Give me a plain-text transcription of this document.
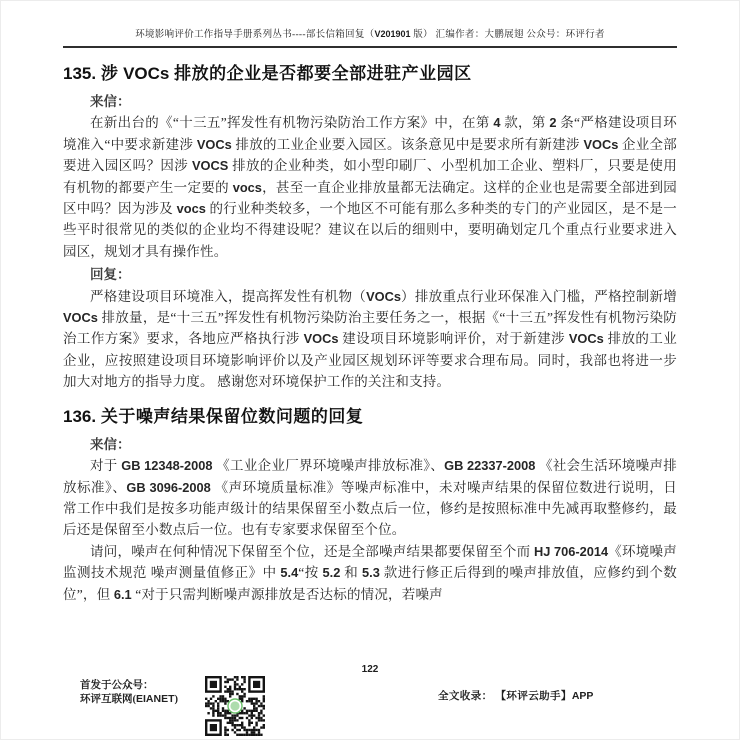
环境影响评价工作指导手册系列丛书----部长信箱回复（V201901 版） 汇编作者：大鹏展翅 公众号：环评行者
135. 涉 VOCs 排放的企业是否都要全部进驻产业园区
来信：
在新出台的《“十三五”挥发性有机物污染防治工作方案》中，在第 4 款，第 2 条“严格建设项目环境准入“中要求新建涉 VOCs 排放的工业企业要入园区。该条意见中是要求所有新建涉 VOCs 企业全部要进入园区吗？因涉 VOCS 排放的企业种类，如小型印刷厂、小型机加工企业、塑料厂，只要是使用有机物的都要产生一定要的 vocs，甚至一直企业排放量都无法确定。这样的企业也是需要全部进到园区中吗？因为涉及 vocs 的行业种类较多，一个地区不可能有那么多种类的专门的产业园区，是不是一些平时很常见的类似的企业均不得建设呢？建议在以后的细则中，要明确划定几个重点行业要求进入园区，规划才具有操作性。
回复：
严格建设项目环境准入，提高挥发性有机物（VOCs）排放重点行业环保准入门槛，严格控制新增 VOCs 排放量，是“十三五”挥发性有机物污染防治主要任务之一，根据《“十三五”挥发性有机物污染防治工作方案》要求，各地应严格执行涉 VOCs 建设项目环境影响评价，对于新建涉 VOCs 排放的工业企业，应按照建设项目环境影响评价以及产业园区规划环评等要求合理布局。同时，我部也将进一步加大对地方的指导力度。 感谢您对环境保护工作的关注和支持。
136. 关于噪声结果保留位数问题的回复
来信：
对于 GB 12348-2008 《工业企业厂界环境噪声排放标准》、GB 22337-2008 《社会生活环境噪声排放标准》、GB 3096-2008 《声环境质量标准》等噪声标准中，未对噪声结果的保留位数进行说明，日常工作中我们是按多功能声级计的结果保留至小数点后一位，修约是按照标准中先减再取整修约，最后还是保留至小数点后一位。也有专家要求保留至个位。
请问，噪声在何种情况下保留至个位，还是全部噪声结果都要保留至个而 HJ 706-2014《环境噪声监测技术规范 噪声测量值修正》中 5.4“按 5.2 和 5.3 款进行修正后得到的噪声排放值，应修约到个数位”，但 6.1 “对于只需判断噪声源排放是否达标的情况，若噪声
122
首发于公众号：
环评互联网(EIANET)	全文收录： 【环评云助手】APP
